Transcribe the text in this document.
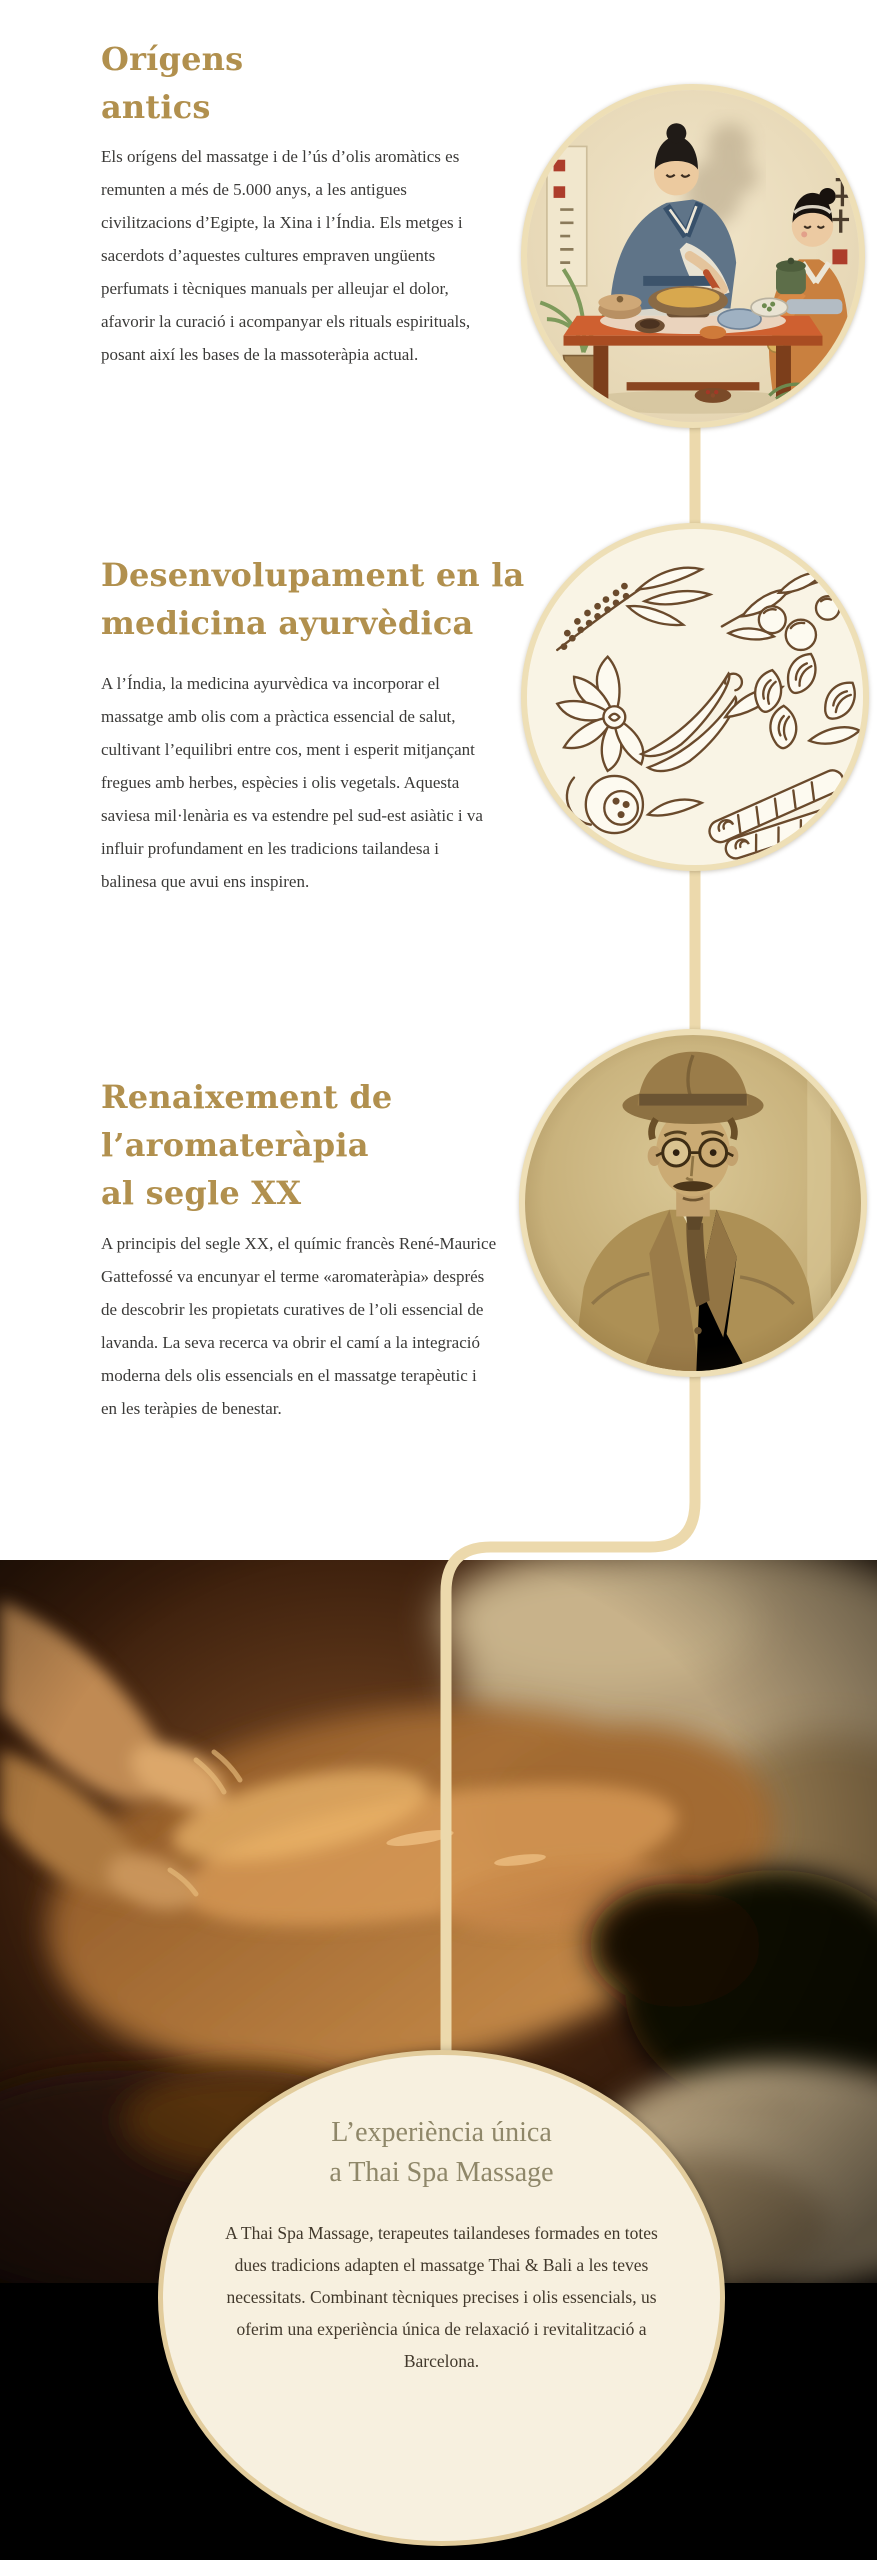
Orígens
antics

Els orígens del massatge i de l’ús d’olis aromàtics es remunten a més de 5.000 anys, a les antigues civilitzacions d’Egipte, la Xina i l’Índia. Els metges i sacerdots d’aquestes cultures empraven ungüents perfumats i tècniques manuals per alleujar el dolor, afavorir la curació i acompanyar els rituals espirituals, posant així les bases de la massoteràpia actual.

Desenvolupament en la
medicina ayurvèdica

A l’Índia, la medicina ayurvèdica va incorporar el massatge amb olis com a pràctica essencial de salut, cultivant l’equilibri entre cos, ment i esperit mitjançant fregues amb herbes, espècies i olis vegetals. Aquesta saviesa mil·lenària es va estendre pel sud-est asiàtic i va influir profundament en les tradicions tailandesa i balinesa que avui ens inspiren.

Renaixement de
l’aromateràpia
al segle XX

A principis del segle XX, el químic francès René-Maurice Gattefossé va encunyar el terme «aromateràpia» després de descobrir les propietats curatives de l’oli essencial de lavanda. La seva recerca va obrir el camí a la integració moderna dels olis essencials en el massatge terapèutic i en les teràpies de benestar.

L’experiència única
a Thai Spa Massage

A Thai Spa Massage, terapeutes tailandeses formades en totes dues tradicions adapten el massatge Thai & Bali a les teves necessitats. Combinant tècniques precises i olis essencials, us oferim una experiència única de relaxació i revitalització a Barcelona.
